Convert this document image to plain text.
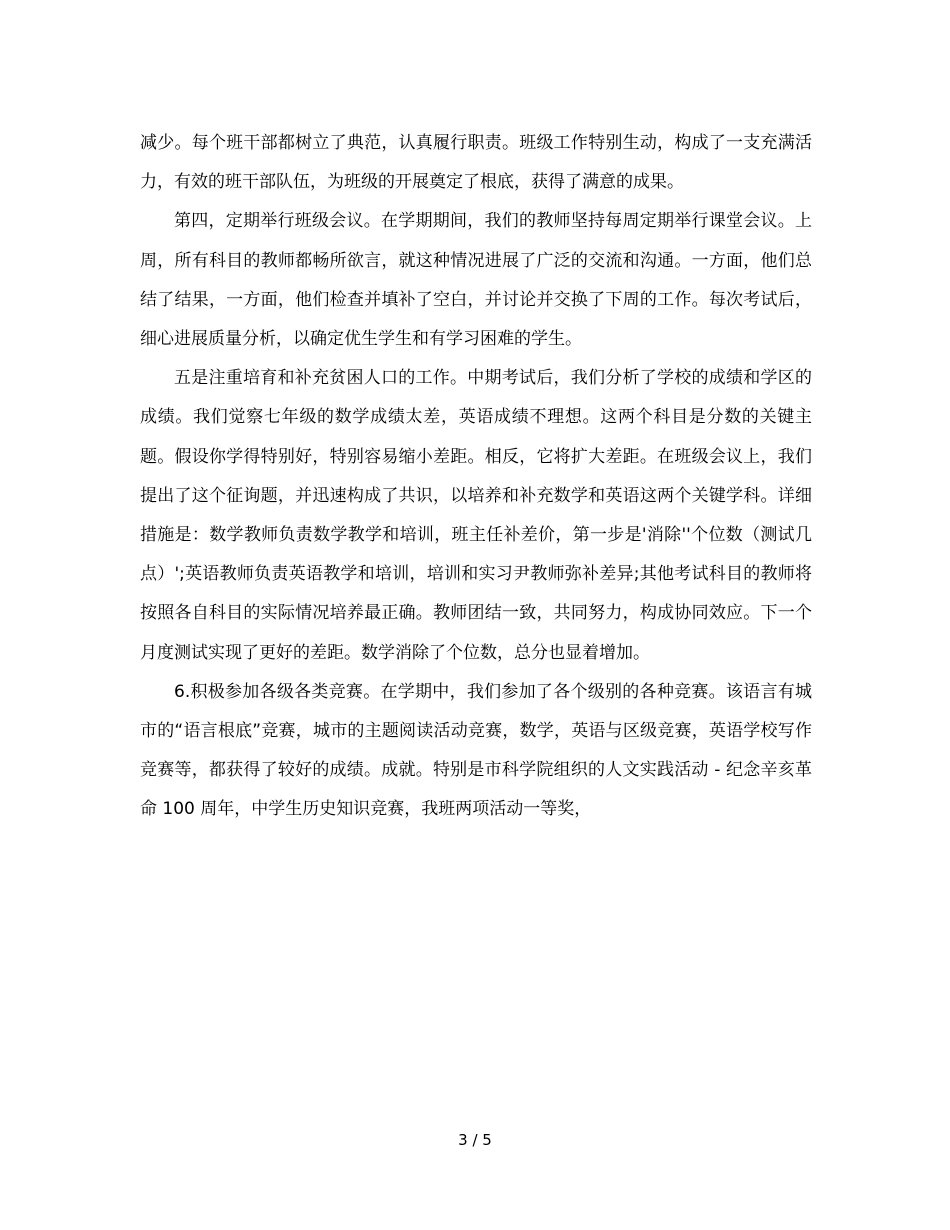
减少。每个班干部都树立了典范，认真履行职责。班级工作特别生动，构成了一支充满活力，有效的班干部队伍，为班级的开展奠定了根底，获得了满意的成果。

第四，定期举行班级会议。在学期期间，我们的教师坚持每周定期举行课堂会议。上周，所有科目的教师都畅所欲言，就这种情况进展了广泛的交流和沟通。一方面，他们总结了结果，一方面，他们检查并填补了空白，并讨论并交换了下周的工作。每次考试后，细心进展质量分析，以确定优生学生和有学习困难的学生。

五是注重培育和补充贫困人口的工作。中期考试后，我们分析了学校的成绩和学区的成绩。我们觉察七年级的数学成绩太差，英语成绩不理想。这两个科目是分数的关键主题。假设你学得特别好，特别容易缩小差距。相反，它将扩大差距。在班级会议上，我们提出了这个征询题，并迅速构成了共识，以培养和补充数学和英语这两个关键学科。详细措施是：数学教师负责数学教学和培训，班主任补差价，第一步是'消除''个位数（测试几点）';英语教师负责英语教学和培训，培训和实习尹教师弥补差异;其他考试科目的教师将按照各自科目的实际情况培养最正确。教师团结一致，共同努力，构成协同效应。下一个月度测试实现了更好的差距。数学消除了个位数，总分也显着增加。

6.积极参加各级各类竞赛。在学期中，我们参加了各个级别的各种竞赛。该语言有城市的“语言根底”竞赛，城市的主题阅读活动竞赛，数学，英语与区级竞赛，英语学校写作竞赛等，都获得了较好的成绩。成就。特别是市科学院组织的人文实践活动 - 纪念辛亥革命 100 周年，中学生历史知识竞赛，我班两项活动一等奖，

3 / 5
